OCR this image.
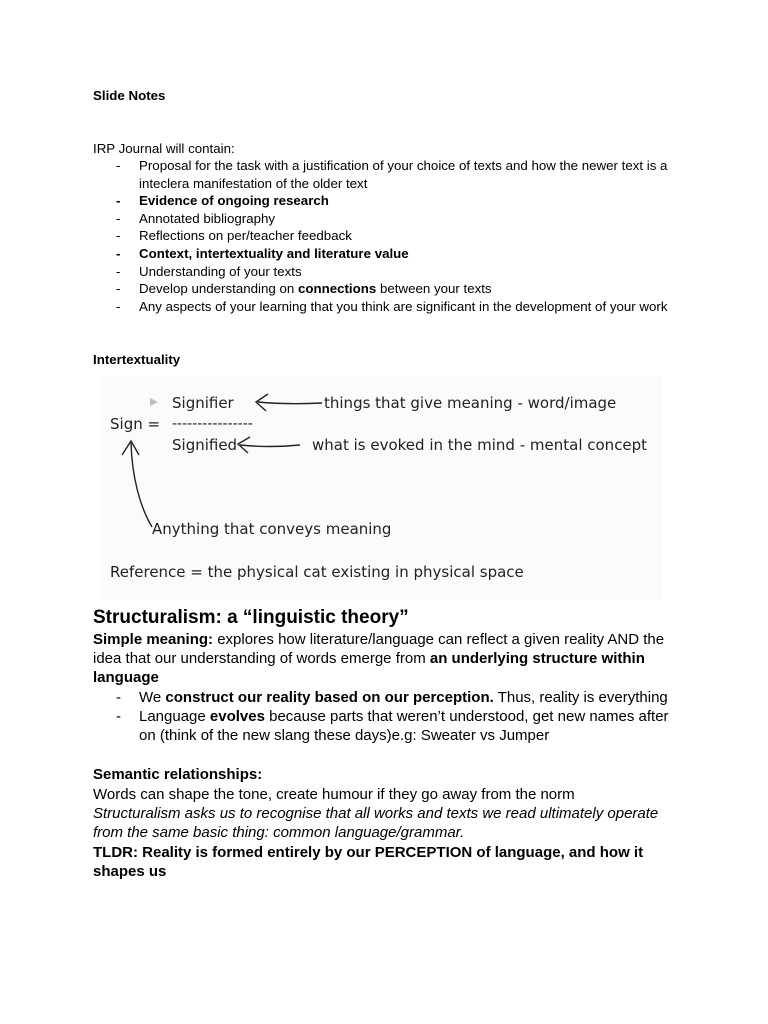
Slide Notes
IRP Journal will contain:
- Proposal for the task with a justification of your choice of texts and how the newer text is a inteclera manifestation of the older text
- Evidence of ongoing research
- Annotated bibliography
- Reflections on per/teacher feedback
- Context, intertextuality and literature value
- Understanding of your texts
- Develop understanding on connections between your texts
- Any aspects of your learning that you think are significant in the development of your work
Intertextuality
Signifier	things that give meaning - word/image
Sign = ----------------
Signified	what is evoked in the mind - mental concept
Anything that conveys meaning
Reference = the physical cat existing in physical space
Structuralism: a “linguistic theory”
Simple meaning: explores how literature/language can reflect a given reality AND the idea that our understanding of words emerge from an underlying structure within language
- We construct our reality based on our perception. Thus, reality is everything
- Language evolves because parts that weren’t understood, get new names after on (think of the new slang these days)e.g: Sweater vs Jumper
Semantic relationships:
Words can shape the tone, create humour if they go away from the norm
Structuralism asks us to recognise that all works and texts we read ultimately operate from the same basic thing: common language/grammar.
TLDR: Reality is formed entirely by our PERCEPTION of language, and how it shapes us
